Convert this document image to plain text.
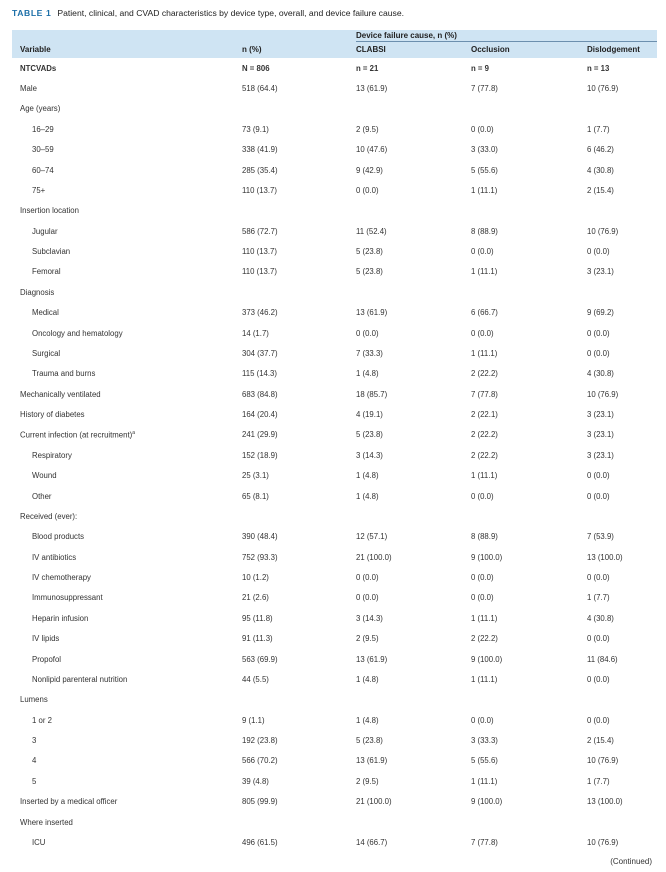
TABLE 1 Patient, clinical, and CVAD characteristics by device type, overall, and device failure cause.
Device failure cause, n (%)
Variable	n (%)	CLABSI	Occlusion	Dislodgement
NTCVADs	N = 806	n = 21	n = 9	n = 13
Male	518 (64.4)	13 (61.9)	7 (77.8)	10 (76.9)
Age (years)				
16–29	73 (9.1)	2 (9.5)	0 (0.0)	1 (7.7)
30–59	338 (41.9)	10 (47.6)	3 (33.0)	6 (46.2)
60–74	285 (35.4)	9 (42.9)	5 (55.6)	4 (30.8)
75+	110 (13.7)	0 (0.0)	1 (11.1)	2 (15.4)
Insertion location				
Jugular	586 (72.7)	11 (52.4)	8 (88.9)	10 (76.9)
Subclavian	110 (13.7)	5 (23.8)	0 (0.0)	0 (0.0)
Femoral	110 (13.7)	5 (23.8)	1 (11.1)	3 (23.1)
Diagnosis				
Medical	373 (46.2)	13 (61.9)	6 (66.7)	9 (69.2)
Oncology and hematology	14 (1.7)	0 (0.0)	0 (0.0)	0 (0.0)
Surgical	304 (37.7)	7 (33.3)	1 (11.1)	0 (0.0)
Trauma and burns	115 (14.3)	1 (4.8)	2 (22.2)	4 (30.8)
Mechanically ventilated	683 (84.8)	18 (85.7)	7 (77.8)	10 (76.9)
History of diabetes	164 (20.4)	4 (19.1)	2 (22.1)	3 (23.1)
Current infection (at recruitment)$^a$	241 (29.9)	5 (23.8)	2 (22.2)	3 (23.1)
Respiratory	152 (18.9)	3 (14.3)	2 (22.2)	3 (23.1)
Wound	25 (3.1)	1 (4.8)	1 (11.1)	0 (0.0)
Other	65 (8.1)	1 (4.8)	0 (0.0)	0 (0.0)
Received (ever):				
Blood products	390 (48.4)	12 (57.1)	8 (88.9)	7 (53.9)
IV antibiotics	752 (93.3)	21 (100.0)	9 (100.0)	13 (100.0)
IV chemotherapy	10 (1.2)	0 (0.0)	0 (0.0)	0 (0.0)
Immunosuppressant	21 (2.6)	0 (0.0)	0 (0.0)	1 (7.7)
Heparin infusion	95 (11.8)	3 (14.3)	1 (11.1)	4 (30.8)
IV lipids	91 (11.3)	2 (9.5)	2 (22.2)	0 (0.0)
Propofol	563 (69.9)	13 (61.9)	9 (100.0)	11 (84.6)
Nonlipid parenteral nutrition	44 (5.5)	1 (4.8)	1 (11.1)	0 (0.0)
Lumens				
1 or 2	9 (1.1)	1 (4.8)	0 (0.0)	0 (0.0)
3	192 (23.8)	5 (23.8)	3 (33.3)	2 (15.4)
4	566 (70.2)	13 (61.9)	5 (55.6)	10 (76.9)
5	39 (4.8)	2 (9.5)	1 (11.1)	1 (7.7)
Inserted by a medical officer	805 (99.9)	21 (100.0)	9 (100.0)	13 (100.0)
Where inserted				
ICU	496 (61.5)	14 (66.7)	7 (77.8)	10 (76.9)
(Continued)
